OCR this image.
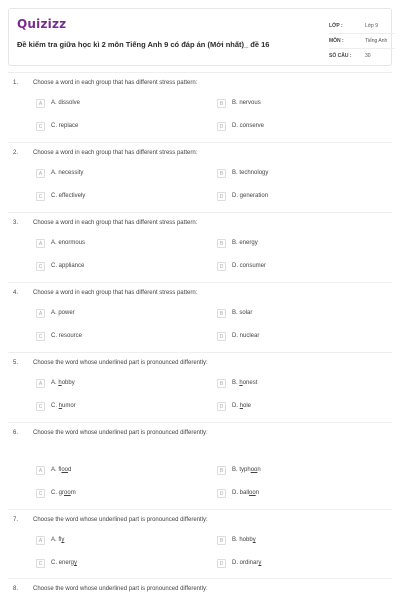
Quizizz
Đề kiểm tra giữa học kì 2 môn Tiếng Anh 9 có đáp án (Mới nhất)_ đề 16
LỚP :	Lớp 9
MÔN :	Tiếng Anh
SỐ CÂU :	30
1. Choose a word in each group that has different stress pattern:
A	A. dissolve	B	B. nervous
C	C. replace	D	D. conserve
2. Choose a word in each group that has different stress pattern:
A	A. necessity	B	B. technology
C	C. effectively	D	D. generation
3. Choose a word in each group that has different stress pattern:
A	A. enormous	B	B. energy
C	C. appliance	D	D. consumer
4. Choose a word in each group that has different stress pattern:
A	A. power	B	B. solar
C	C. resource	D	D. nuclear
5. Choose the word whose underlined part is pronounced differently:
A	A. hobby	B	B. honest
C	C. humor	D	D. hole
6. Choose the word whose underlined part is pronounced differently:
A	A. flood	B	B. typhoon
C	C. groom	D	D. balloon
7. Choose the word whose underlined part is pronounced differently:
A	A. fly	B	B. hobby
C	C. energy	D	D. ordinary
8. Choose the word whose underlined part is pronounced differently:
